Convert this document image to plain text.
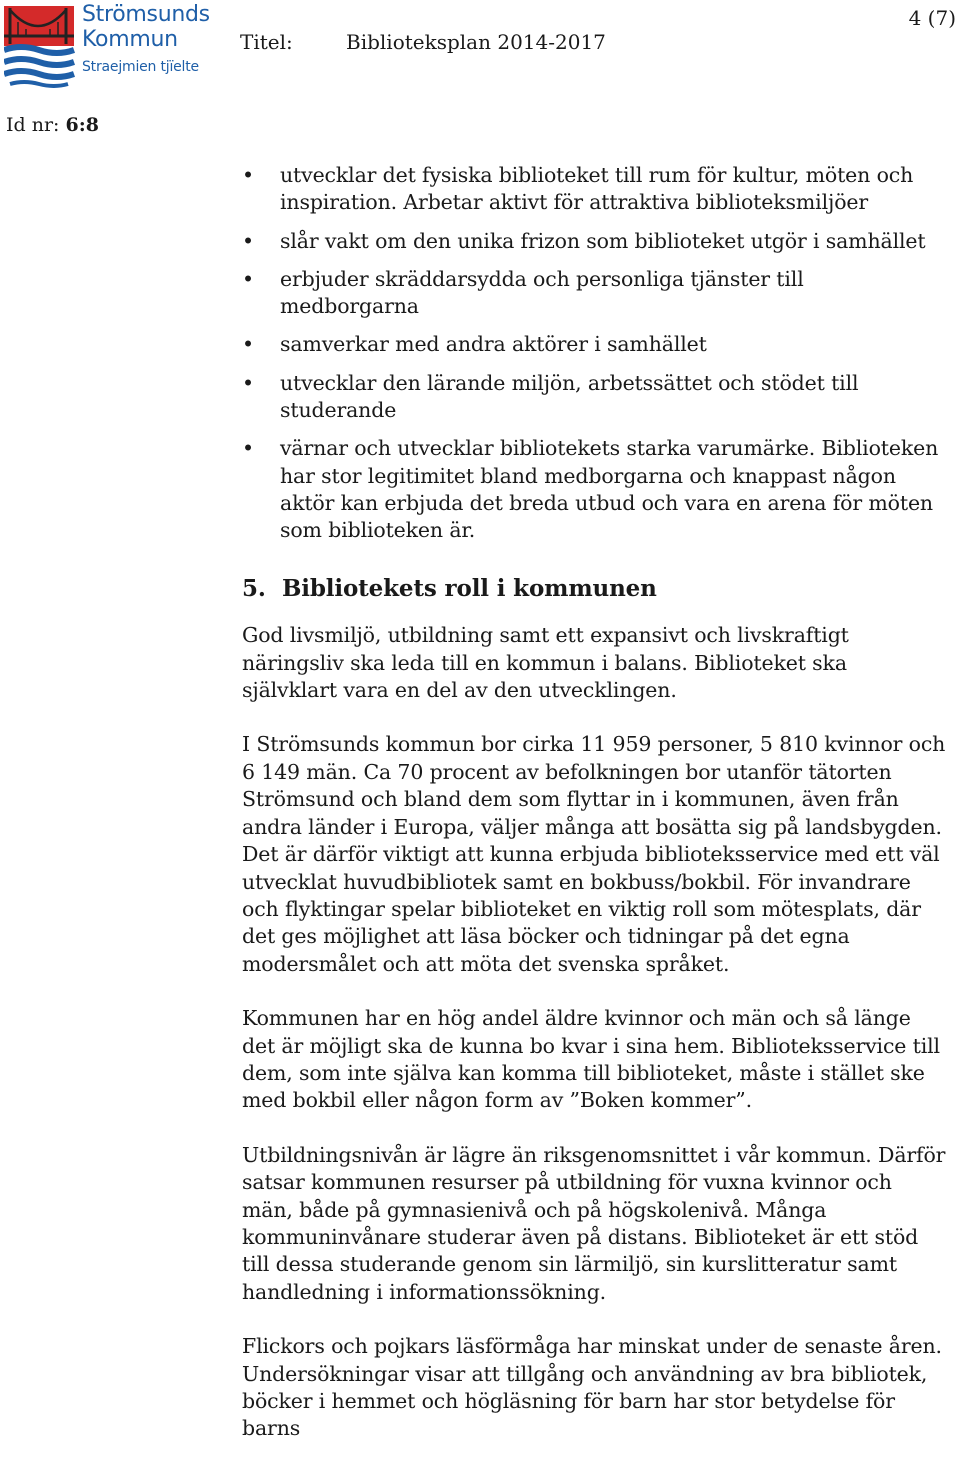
Strömsunds
Kommun
Straejmien tjïelte
Titel:	Biblioteksplan 2014-2017
4 (7)
Id nr: 6:8
• utvecklar det fysiska biblioteket till rum för kultur, möten och inspiration. Arbetar aktivt för attraktiva biblioteksmiljöer
• slår vakt om den unika frizon som biblioteket utgör i samhället
• erbjuder skräddarsydda och personliga tjänster till medborgarna
• samverkar med andra aktörer i samhället
• utvecklar den lärande miljön, arbetssättet och stödet till studerande
• värnar och utvecklar bibliotekets starka varumärke. Biblioteken har stor legitimitet bland medborgarna och knappast någon aktör kan erbjuda det breda utbud och vara en arena för möten som biblioteken är.
5. Bibliotekets roll i kommunen

God livsmiljö, utbildning samt ett expansivt och livskraftigt näringsliv ska leda till en kommun i balans. Biblioteket ska självklart vara en del av den utvecklingen.

I Strömsunds kommun bor cirka 11 959 personer, 5 810 kvinnor och 6 149 män. Ca 70 procent av befolkningen bor utanför tätorten Strömsund och bland dem som flyttar in i kommunen, även från andra länder i Europa, väljer många att bosätta sig på landsbygden. Det är därför viktigt att kunna erbjuda biblioteksservice med ett väl utvecklat huvudbibliotek samt en bokbuss/bokbil. För invandrare och flyktingar spelar biblioteket en viktig roll som mötesplats, där det ges möjlighet att läsa böcker och tidningar på det egna modersmålet och att möta det svenska språket.

Kommunen har en hög andel äldre kvinnor och män och så länge det är möjligt ska de kunna bo kvar i sina hem. Biblioteksservice till dem, som inte själva kan komma till biblioteket, måste i stället ske med bokbil eller någon form av ”Boken kommer”.

Utbildningsnivån är lägre än riksgenomsnittet i vår kommun. Därför satsar kommunen resurser på utbildning för vuxna kvinnor och män, både på gymnasienivå och på högskolenivå. Många kommuninvånare studerar även på distans. Biblioteket är ett stöd till dessa studerande genom sin lärmiljö, sin kurslitteratur samt handledning i informationssökning.

Flickors och pojkars läsförmåga har minskat under de senaste åren. Undersökningar visar att tillgång och användning av bra bibliotek, böcker i hemmet och högläsning för barn har stor betydelse för barns
